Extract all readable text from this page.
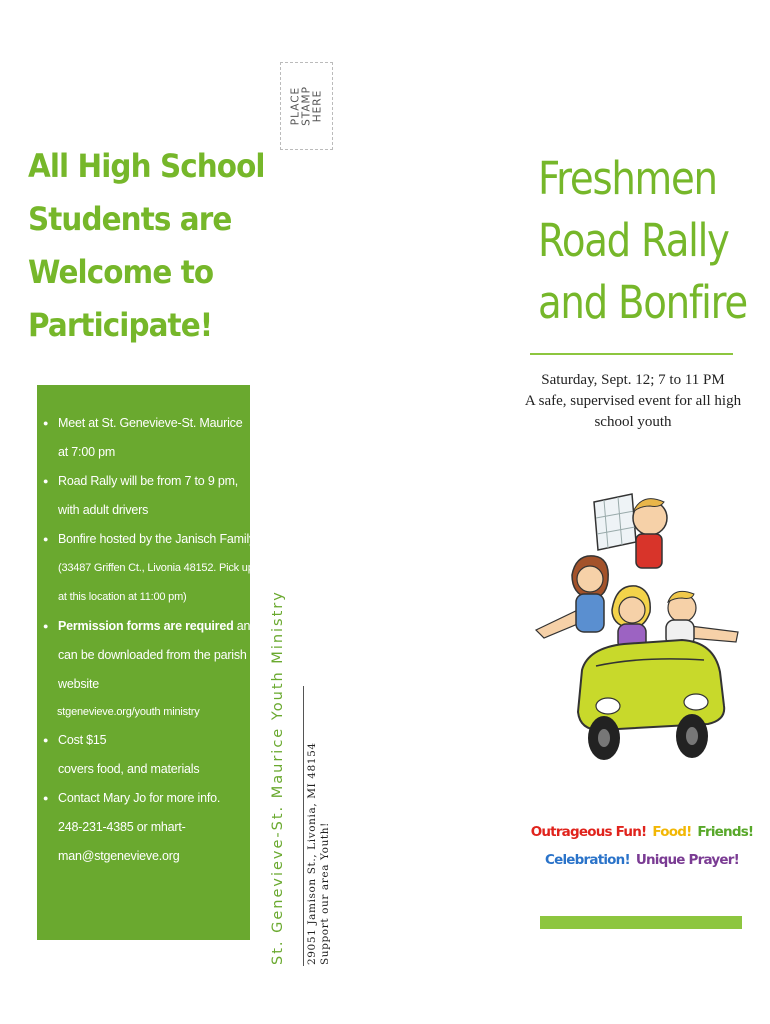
PLACE STAMP HERE
All High School
Students are
Welcome to
Participate!
● Meet at St. Genevieve-St. Maurice
at 7:00 pm
● Road Rally will be from 7 to 9 pm,
with adult drivers
● Bonfire hosted by the Janisch Family
(33487 Griffen Ct., Livonia 48152. Pick up
at this location at 11:00 pm)
● Permission forms are required and
can be downloaded from the parish
website
stgenevieve.org/youth ministry
● Cost $15
covers food, and materials
● Contact Mary Jo for more info.
248-231-4385 or mhart-
man@stgenevieve.org	St. Genevieve-St. Maurice Youth Ministry 29051 Jamison St., Livonia, MI 48154 Support our area Youth!
Freshmen
Road Rally
and Bonfire
Saturday, Sept. 12; 7 to 11 PM
A safe, supervised event for all high
school youth
Outrageous Fun! Food! Friends!
Celebration! Unique Prayer!
